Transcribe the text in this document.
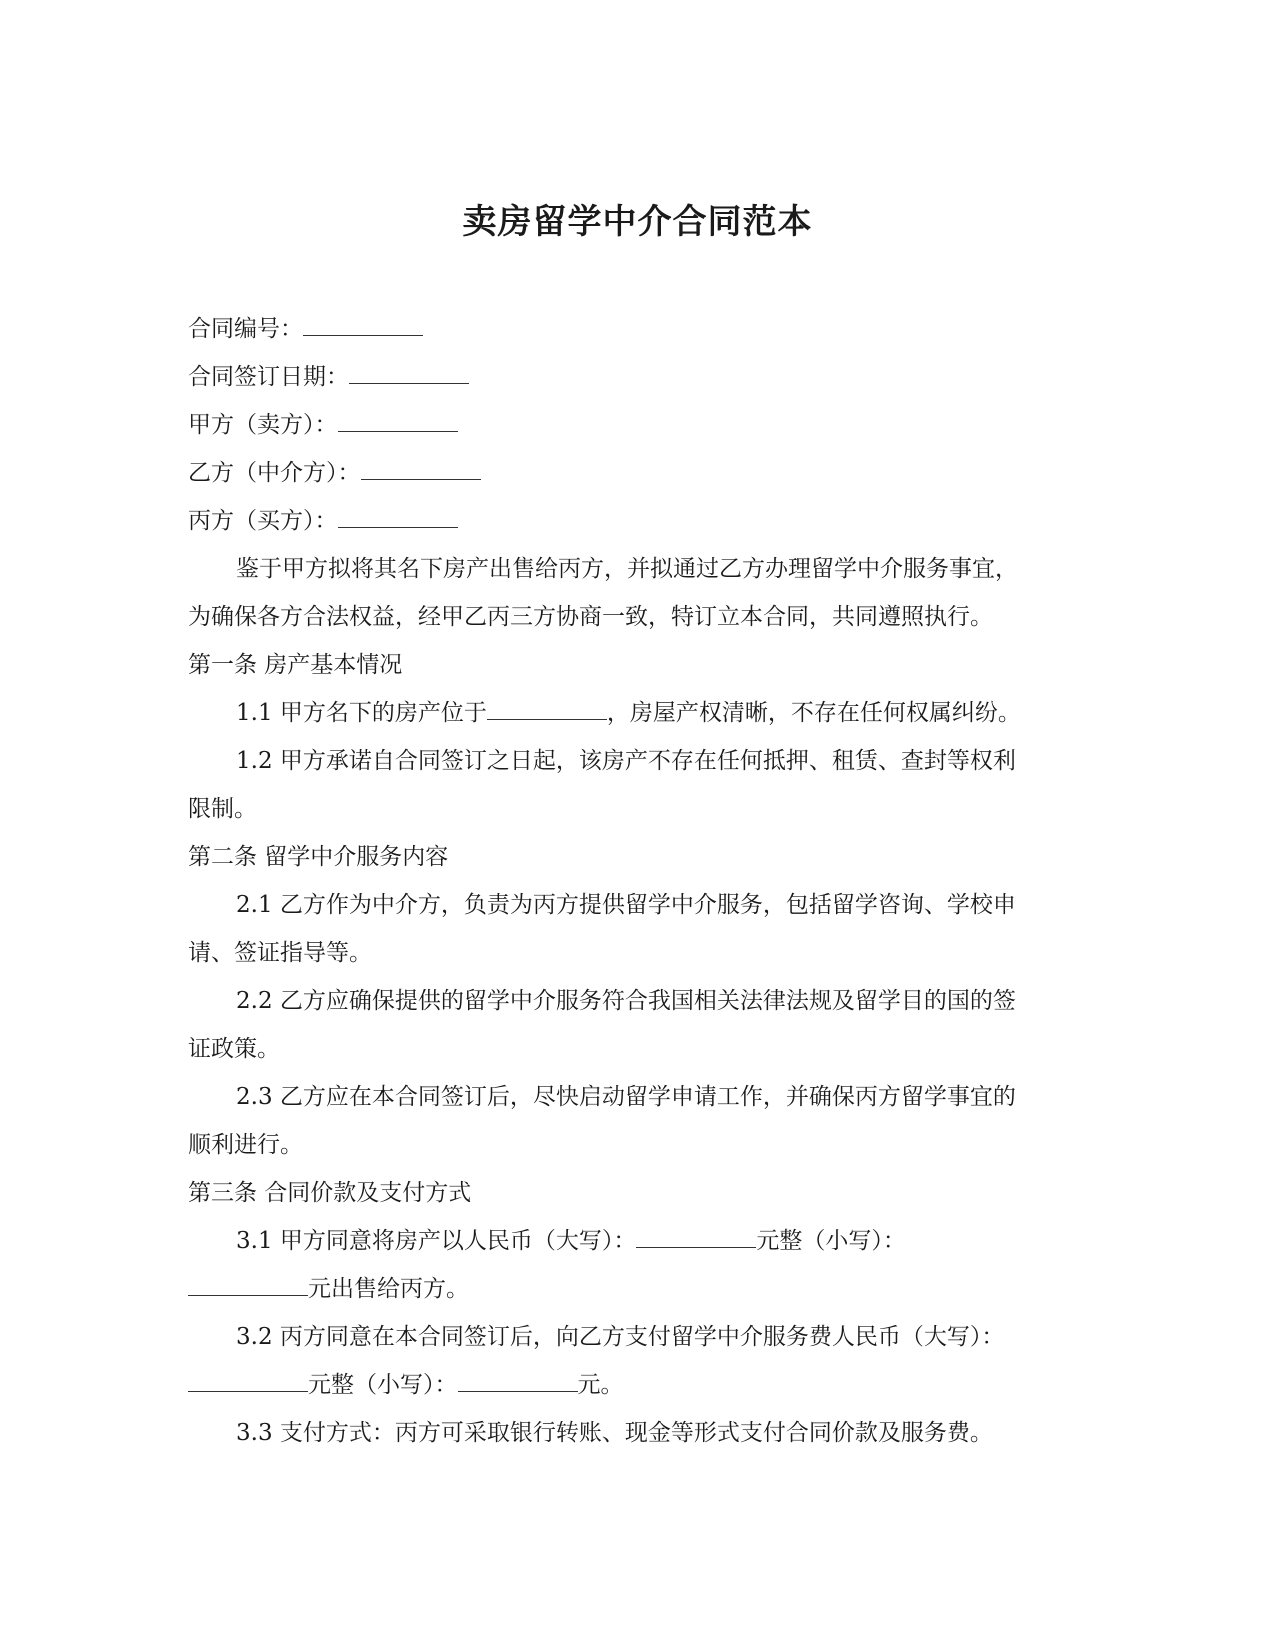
卖房留学中介合同范本
合同编号：
合同签订日期：
甲方（卖方）：
乙方（中介方）：
丙方（买方）：
鉴于甲方拟将其名下房产出售给丙方，并拟通过乙方办理留学中介服务事宜，
为确保各方合法权益，经甲乙丙三方协商一致，特订立本合同，共同遵照执行。
第一条 房产基本情况
1.1 甲方名下的房产位于	，房屋产权清晰，不存在任何权属纠纷。
1.2 甲方承诺自合同签订之日起，该房产不存在任何抵押、租赁、查封等权利
限制。
第二条 留学中介服务内容
2.1 乙方作为中介方，负责为丙方提供留学中介服务，包括留学咨询、学校申
请、签证指导等。
2.2 乙方应确保提供的留学中介服务符合我国相关法律法规及留学目的国的签
证政策。
2.3 乙方应在本合同签订后，尽快启动留学申请工作，并确保丙方留学事宜的
顺利进行。
第三条 合同价款及支付方式
3.1 甲方同意将房产以人民币（大写）：	元整（小写）：
元出售给丙方。
3.2 丙方同意在本合同签订后，向乙方支付留学中介服务费人民币（大写）：
元整（小写）：	元。
3.3 支付方式：丙方可采取银行转账、现金等形式支付合同价款及服务费。
